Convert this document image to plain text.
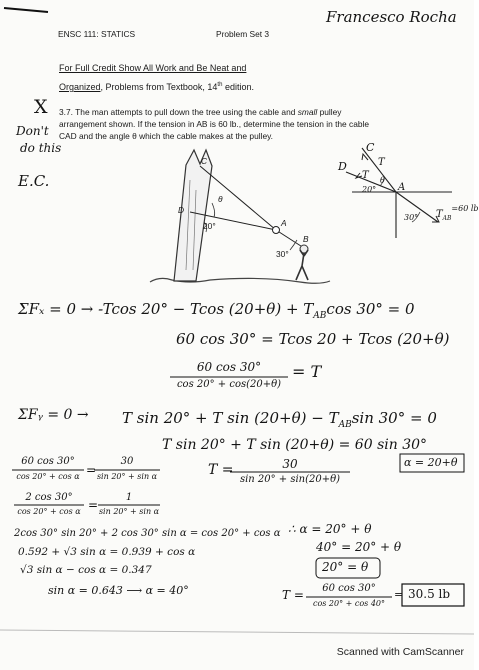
ENSC 111: STATICS	Problem Set 3
Francesco Rocha
For Full Credit Show All Work and Be Neat and
Organized, Problems from Textbook, 14th edition.
3.7. The man attempts to pull down the tree using the cable and small pulley
arrangement shown. If the tension in AB is 60 lb., determine the tension in the cable
CAD and the angle θ which the cable makes at the pulley.
X
Don't
do this
E.C.
C
D
A
B
θ
20°
30°
D
C
T
T
A
20°
θ
30° $T_{AB}^{=60 lb}$
ΣFₓ = 0 → -Tcos 20° − Tcos $(20+\theta) + T_{AB}\cos$ 30° = 0
60 cos 30° = Tcos 20 + Tcos (20+θ)
60 cos 30°
cos 20° + cos(20+θ)
= T
ΣFᵧ = 0 → T sin 20° + T $\sin (20+\theta) - T_{AB}\sin$ 30° = 0
T sin 20° + T sin (20+θ) = 60 sin 30°
T =	30
sin 20° + sin(20+θ)
α = 20+θ
60 cos 30°
cos 20° + cos α =
30
sin 20° + sin α
2 cos 30°
cos 20° + cos α =
1
sin 20° + sin α
2cos 30° sin 20° + 2 cos 30° sin α = cos 20° + cos α
0.592 + √3 sin α = 0.939 + cos α
√3 sin α − cos α = 0.347
sin α = 0.643 ⟶ α = 40°
∴ α = 20° + θ
40° = 20° + θ
20° = θ
T =	60 cos 30°
cos 20° + cos 40°
= 30.5 lb
Scanned with CamScanner
